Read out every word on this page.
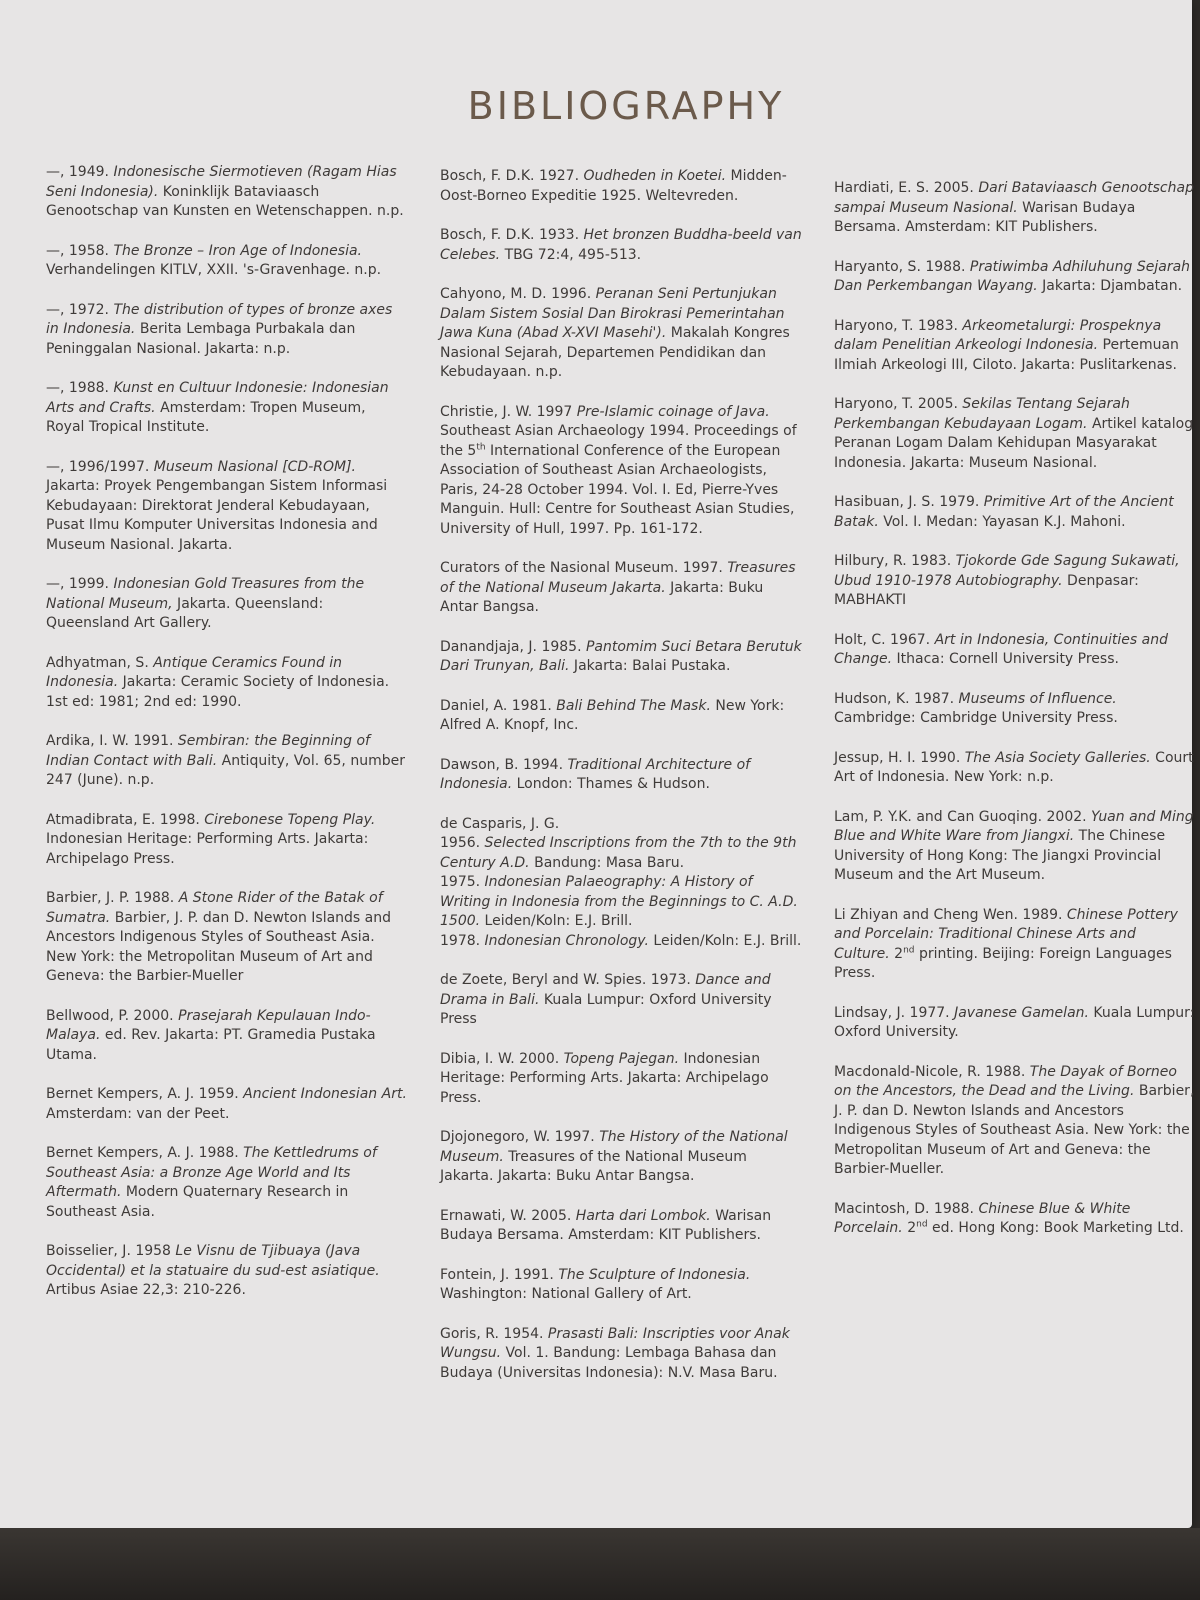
BIBLIOGRAPHY
—, 1949. Indonesische Siermotieven (Ragam Hias Seni Indonesia). Koninklijk Bataviaasch Genootschap van Kunsten en Wetenschappen. n.p.
—, 1958. The Bronze – Iron Age of Indonesia. Verhandelingen KITLV, XXII. 's-Gravenhage. n.p.
—, 1972. The distribution of types of bronze axes in Indonesia. Berita Lembaga Purbakala dan Peninggalan Nasional. Jakarta: n.p.
—, 1988. Kunst en Cultuur Indonesie: Indonesian Arts and Crafts. Amsterdam: Tropen Museum, Royal Tropical Institute.
—, 1996/1997. Museum Nasional [CD-ROM]. Jakarta: Proyek Pengembangan Sistem Informasi Kebudayaan: Direktorat Jenderal Kebudayaan, Pusat Ilmu Komputer Universitas Indonesia and Museum Nasional. Jakarta.
—, 1999. Indonesian Gold Treasures from the National Museum, Jakarta. Queensland: Queensland Art Gallery.
Adhyatman, S. Antique Ceramics Found in Indonesia. Jakarta: Ceramic Society of Indonesia. 1st ed: 1981; 2nd ed: 1990.
Ardika, I. W. 1991. Sembiran: the Beginning of Indian Contact with Bali. Antiquity, Vol. 65, number 247 (June). n.p.
Atmadibrata, E. 1998. Cirebonese Topeng Play. Indonesian Heritage: Performing Arts. Jakarta: Archipelago Press.
Barbier, J. P. 1988. A Stone Rider of the Batak of Sumatra. Barbier, J. P. dan D. Newton Islands and Ancestors Indigenous Styles of Southeast Asia. New York: the Metropolitan Museum of Art and Geneva: the Barbier-Mueller
Bellwood, P. 2000. Prasejarah Kepulauan Indo-Malaya. ed. Rev. Jakarta: PT. Gramedia Pustaka Utama.
Bernet Kempers, A. J. 1959. Ancient Indonesian Art. Amsterdam: van der Peet.
Bernet Kempers, A. J. 1988. The Kettledrums of Southeast Asia: a Bronze Age World and Its Aftermath. Modern Quaternary Research in Southeast Asia.
Boisselier, J. 1958 Le Visnu de Tjibuaya (Java Occidental) et la statuaire du sud-est asiatique. Artibus Asiae 22,3: 210-226.
Bosch, F. D.K. 1927. Oudheden in Koetei. Midden-Oost-Borneo Expeditie 1925. Weltevreden.
Bosch, F. D.K. 1933. Het bronzen Buddha-beeld van Celebes. TBG 72:4, 495-513.
Cahyono, M. D. 1996. Peranan Seni Pertunjukan Dalam Sistem Sosial Dan Birokrasi Pemerintahan Jawa Kuna (Abad X-XVI Masehi'). Makalah Kongres Nasional Sejarah, Departemen Pendidikan dan Kebudayaan. n.p.
Christie, J. W. 1997 Pre-Islamic coinage of Java. Southeast Asian Archaeology 1994. Proceedings of the 5th International Conference of the European Association of Southeast Asian Archaeologists, Paris, 24-28 October 1994. Vol. I. Ed, Pierre-Yves Manguin. Hull: Centre for Southeast Asian Studies, University of Hull, 1997. Pp. 161-172.
Curators of the Nasional Museum. 1997. Treasures of the National Museum Jakarta. Jakarta: Buku Antar Bangsa.
Danandjaja, J. 1985. Pantomim Suci Betara Berutuk Dari Trunyan, Bali. Jakarta: Balai Pustaka.
Daniel, A. 1981. Bali Behind The Mask. New York: Alfred A. Knopf, Inc.
Dawson, B. 1994. Traditional Architecture of Indonesia. London: Thames & Hudson.
de Casparis, J. G.
1956. Selected Inscriptions from the 7th to the 9th Century A.D. Bandung: Masa Baru.
1975. Indonesian Palaeography: A History of Writing in Indonesia from the Beginnings to C. A.D. 1500. Leiden/Koln: E.J. Brill.
1978. Indonesian Chronology. Leiden/Koln: E.J. Brill.
de Zoete, Beryl and W. Spies. 1973. Dance and Drama in Bali. Kuala Lumpur: Oxford University Press
Dibia, I. W. 2000. Topeng Pajegan. Indonesian Heritage: Performing Arts. Jakarta: Archipelago Press.
Djojonegoro, W. 1997. The History of the National Museum. Treasures of the National Museum Jakarta. Jakarta: Buku Antar Bangsa.
Ernawati, W. 2005. Harta dari Lombok. Warisan Budaya Bersama. Amsterdam: KIT Publishers.
Fontein, J. 1991. The Sculpture of Indonesia. Washington: National Gallery of Art.
Goris, R. 1954. Prasasti Bali: Inscripties voor Anak Wungsu. Vol. 1. Bandung: Lembaga Bahasa dan Budaya (Universitas Indonesia): N.V. Masa Baru.
Hardiati, E. S. 2005. Dari Bataviaasch Genootschap sampai Museum Nasional. Warisan Budaya Bersama. Amsterdam: KIT Publishers.
Haryanto, S. 1988. Pratiwimba Adhiluhung Sejarah Dan Perkembangan Wayang. Jakarta: Djambatan.
Haryono, T. 1983. Arkeometalurgi: Prospeknya dalam Penelitian Arkeologi Indonesia. Pertemuan Ilmiah Arkeologi III, Ciloto. Jakarta: Puslitarkenas.
Haryono, T. 2005. Sekilas Tentang Sejarah Perkembangan Kebudayaan Logam. Artikel katalog Peranan Logam Dalam Kehidupan Masyarakat Indonesia. Jakarta: Museum Nasional.
Hasibuan, J. S. 1979. Primitive Art of the Ancient Batak. Vol. I. Medan: Yayasan K.J. Mahoni.
Hilbury, R. 1983. Tjokorde Gde Sagung Sukawati, Ubud 1910-1978 Autobiography. Denpasar: MABHAKTI
Holt, C. 1967. Art in Indonesia, Continuities and Change. Ithaca: Cornell University Press.
Hudson, K. 1987. Museums of Influence. Cambridge: Cambridge University Press.
Jessup, H. I. 1990. The Asia Society Galleries. Court Art of Indonesia. New York: n.p.
Lam, P. Y.K. and Can Guoqing. 2002. Yuan and Ming Blue and White Ware from Jiangxi. The Chinese University of Hong Kong: The Jiangxi Provincial Museum and the Art Museum.
Li Zhiyan and Cheng Wen. 1989. Chinese Pottery and Porcelain: Traditional Chinese Arts and Culture. 2nd printing. Beijing: Foreign Languages Press.
Lindsay, J. 1977. Javanese Gamelan. Kuala Lumpur: Oxford University.
Macdonald-Nicole, R. 1988. The Dayak of Borneo on the Ancestors, the Dead and the Living. Barbier, J. P. dan D. Newton Islands and Ancestors Indigenous Styles of Southeast Asia. New York: the Metropolitan Museum of Art and Geneva: the Barbier-Mueller.
Macintosh, D. 1988. Chinese Blue & White Porcelain. 2nd ed. Hong Kong: Book Marketing Ltd.
